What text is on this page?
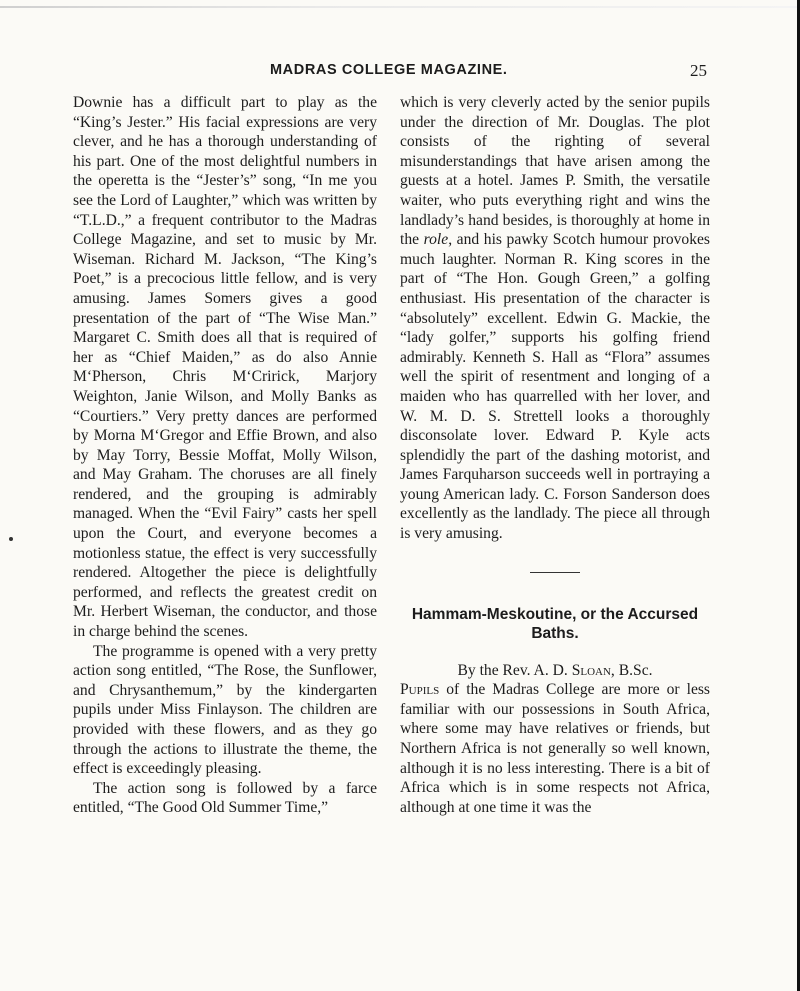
MADRAS COLLEGE MAGAZINE.	25

Downie has a difficult part to play as the “King’s Jester.” His facial expressions are very clever, and he has a thorough understanding of his part. One of the most delightful numbers in the operetta is the “Jester’s” song, “In me you see the Lord of Laughter,” which was written by “T.L.D.,” a frequent contributor to the Madras College Magazine, and set to music by Mr. Wiseman. Richard M. Jackson, “The King’s Poet,” is a precocious little fellow, and is very amusing. James Somers gives a good presentation of the part of “The Wise Man.” Margaret C. Smith does all that is required of her as “Chief Maiden,” as do also Annie M‘Pherson, Chris M‘Cririck, Marjory Weighton, Janie Wilson, and Molly Banks as “Courtiers.” Very pretty dances are performed by Morna M‘Gregor and Effie Brown, and also by May Torry, Bessie Moffat, Molly Wilson, and May Graham. The choruses are all finely rendered, and the grouping is admirably managed. When the “Evil Fairy” casts her spell upon the Court, and everyone becomes a motionless statue, the effect is very successfully rendered. Altogether the piece is delightfully performed, and reflects the greatest credit on Mr. Herbert Wiseman, the conductor, and those in charge behind the scenes.

The programme is opened with a very pretty action song entitled, “The Rose, the Sunflower, and Chrysanthemum,” by the kindergarten pupils under Miss Finlayson. The children are provided with these flowers, and as they go through the actions to illustrate the theme, the effect is exceedingly pleasing.

The action song is followed by a farce entitled, “The Good Old Summer Time,”

which is very cleverly acted by the senior pupils under the direction of Mr. Douglas. The plot consists of the righting of several misunderstandings that have arisen among the guests at a hotel. James P. Smith, the versatile waiter, who puts everything right and wins the landlady’s hand besides, is thoroughly at home in the role, and his pawky Scotch humour provokes much laughter. Norman R. King scores in the part of “The Hon. Gough Green,” a golfing enthusiast. His presentation of the character is “absolutely” excellent. Edwin G. Mackie, the “lady golfer,” supports his golfing friend admirably. Kenneth S. Hall as “Flora” assumes well the spirit of resentment and longing of a maiden who has quarrelled with her lover, and W. M. D. S. Strettell looks a thoroughly disconsolate lover. Edward P. Kyle acts splendidly the part of the dashing motorist, and James Farquharson succeeds well in portraying a young American lady. C. Forson Sanderson does excellently as the landlady. The piece all through is very amusing.

Hammam-Meskoutine, or the Accursed Baths.

By the Rev. A. D. Sloan, B.Sc.

Pupils of the Madras College are more or less familiar with our possessions in South Africa, where some may have relatives or friends, but Northern Africa is not generally so well known, although it is no less interesting. There is a bit of Africa which is in some respects not Africa, although at one time it was the
